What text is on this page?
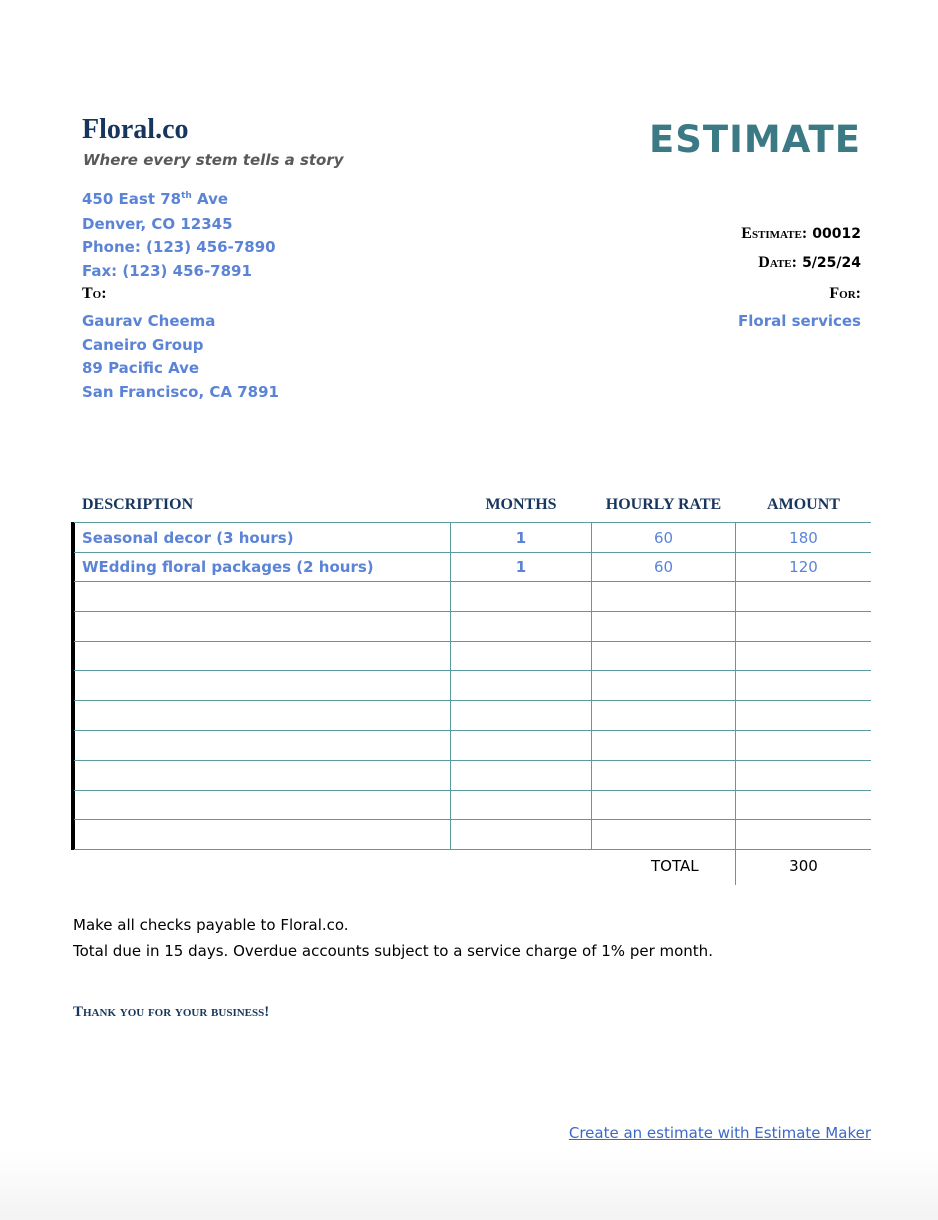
Floral.co
Where every stem tells a story	ESTIMATE
450 East 78th Ave
Denver, CO 12345
Phone: (123) 456-7890
Fax: (123) 456-7891
Estimate: 00012
Date: 5/25/24
For:
Floral services
To:
Gaurav Cheema
Caneiro Group
89 Pacific Ave
San Francisco, CA 7891
DESCRIPTION	MONTHS	HOURLY RATE	AMOUNT
Seasonal decor (3 hours)	1	60	180
WEdding floral packages (2 hours)	1	60	120
TOTAL	300
Make all checks payable to Floral.co.
Total due in 15 days. Overdue accounts subject to a service charge of 1% per month.
Thank you for your business!
Create an estimate with Estimate Maker
